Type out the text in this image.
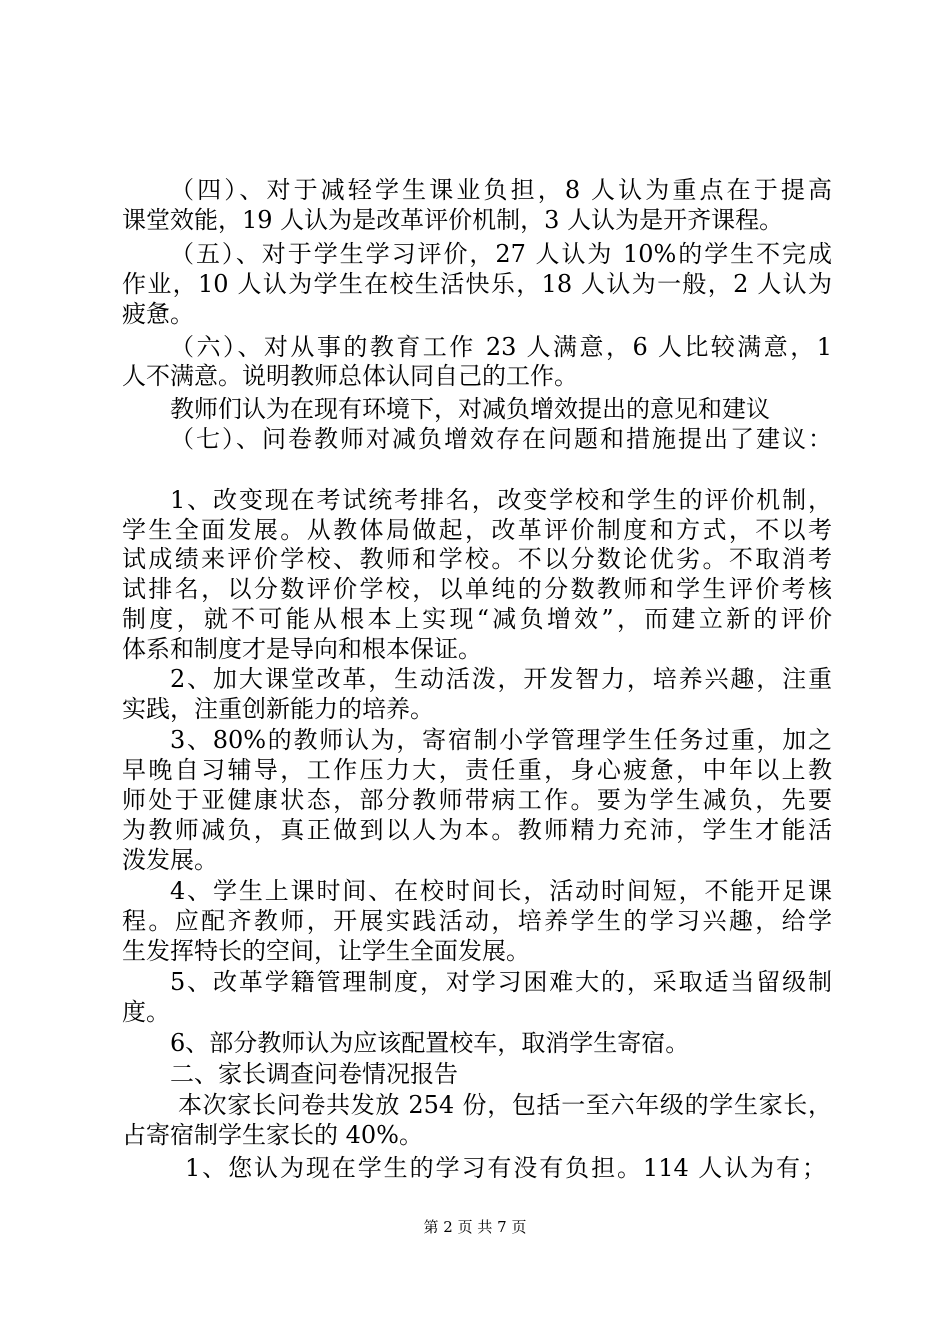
（四）、对于减轻学生课业负担，8 人认为重点在于提高
课堂效能，19 人认为是改革评价机制，3 人认为是开齐课程。
（五）、对于学生学习评价，27 人认为 10%的学生不完成
作业，10 人认为学生在校生活快乐，18 人认为一般，2 人认为
疲惫。
（六）、对从事的教育工作 23 人满意，6 人比较满意，1
人不满意。说明教师总体认同自己的工作。
教师们认为在现有环境下，对减负增效提出的意见和建议
（七）、问卷教师对减负增效存在问题和措施提出了建议：
1、改变现在考试统考排名，改变学校和学生的评价机制，
学生全面发展。从教体局做起，改革评价制度和方式，不以考
试成绩来评价学校、教师和学校。不以分数论优劣。不取消考
试排名，以分数评价学校，以单纯的分数教师和学生评价考核
制度，就不可能从根本上实现“减负增效”，而建立新的评价
体系和制度才是导向和根本保证。
2、加大课堂改革，生动活泼，开发智力，培养兴趣，注重
实践，注重创新能力的培养。
3、80%的教师认为，寄宿制小学管理学生任务过重，加之
早晚自习辅导，工作压力大，责任重，身心疲惫，中年以上教
师处于亚健康状态，部分教师带病工作。要为学生减负，先要
为教师减负，真正做到以人为本。教师精力充沛，学生才能活
泼发展。
4、学生上课时间、在校时间长，活动时间短，不能开足课
程。应配齐教师，开展实践活动，培养学生的学习兴趣，给学
生发挥特长的空间，让学生全面发展。
5、改革学籍管理制度，对学习困难大的，采取适当留级制
度。
6、部分教师认为应该配置校车，取消学生寄宿。
二、家长调查问卷情况报告
本次家长问卷共发放 254 份，包括一至六年级的学生家长，
占寄宿制学生家长的 40%。
1、您认为现在学生的学习有没有负担。114 人认为有；
第 2 页 共 7 页
